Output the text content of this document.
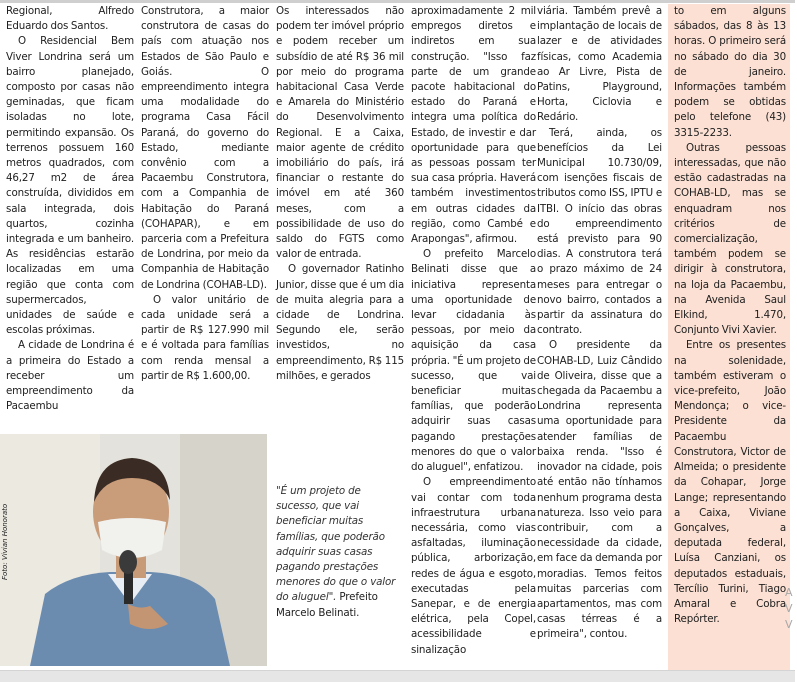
Regional, Alfredo Eduardo dos Santos.

O Residencial Bem Viver Londrina será um bairro planejado, composto por casas não geminadas, que ficam isoladas no lote, permitindo expansão. Os terrenos possuem 160 metros quadrados, com 46,27 m2 de área construída, divididos em sala integrada, dois quartos, cozinha integrada e um banheiro. As residências estarão localizadas em uma região que conta com supermercados, unidades de saúde e escolas próximas.

A cidade de Londrina é a primeira do Estado a receber um empreendimento da Pacaembu

Construtora, a maior construtora de casas do país com atuação nos Estados de São Paulo e Goiás. O empreendimento integra uma modalidade do programa Casa Fácil Paraná, do governo do Estado, mediante convênio com a Pacaembu Construtora, com a Companhia de Habitação do Paraná (COHAPAR), e em parceria com a Prefeitura de Londrina, por meio da Companhia de Habitação de Londrina (COHAB-LD).

O valor unitário de cada unidade será a partir de R$ 127.990 mil e é voltada para famílias com renda mensal a partir de R$ 1.600,00.

Os interessados não podem ter imóvel próprio e podem receber um subsídio de até R$ 36 mil por meio do programa habitacional Casa Verde e Amarela do Ministério do Desenvolvimento Regional. E a Caixa, maior agente de crédito imobiliário do país, irá financiar o restante do imóvel em até 360 meses, com a possibilidade de uso do saldo do FGTS como valor de entrada.

O governador Ratinho Junior, disse que é um dia de muita alegria para a cidade de Londrina. Segundo ele, serão investidos, no empreendimento, R$ 115 milhões, e gerados

aproximadamente 2 mil empregos diretos e indiretos em sua construção. "Isso faz parte de um grande pacote habitacional do estado do Paraná e integra uma política do Estado, de investir e dar oportunidade para que as pessoas possam ter sua casa própria. Haverá também investimentos em outras cidades da região, como Cambé e Arapongas", afirmou.

O prefeito Marcelo Belinati disse que a iniciativa representa uma oportunidade de levar cidadania às pessoas, por meio da aquisição da casa própria. "É um projeto de sucesso, que vai beneficiar muitas famílias, que poderão adquirir suas casas pagando prestações menores do que o valor do aluguel", enfatizou.

O empreendimento vai contar com toda infraestrutura urbana necessária, como vias asfaltadas, iluminação pública, arborização, redes de água e esgoto, executadas pela Sanepar, e de energia elétrica, pela Copel, acessibilidade e sinalização

viária. Também prevê a implantação de locais de lazer e de atividades físicas, como Academia ao Ar Livre, Pista de Patins, Playground, Horta, Ciclovia e Redário.

Terá, ainda, os benefícios da Lei Municipal 10.730/09, com isenções fiscais de tributos como ISS, IPTU e ITBI. O início das obras do empreendimento está previsto para 90 dias. A construtora terá o prazo máximo de 24 meses para entregar o novo bairro, contados a partir da assinatura do contrato.

O presidente da COHAB-LD, Luiz Cândido de Oliveira, disse que a chegada da Pacaembu a Londrina representa uma oportunidade para atender famílias de baixa renda. "Isso é inovador na cidade, pois até então não tínhamos nenhum programa desta natureza. Isso veio para contribuir, com a necessidade da cidade, em face da demanda por moradias. Temos feitos muitas parcerias com apartamentos, mas com casas térreas é a primeira", contou.

to em alguns sábados, das 8 às 13 horas. O primeiro será no sábado do dia 30 de janeiro. Informações também podem se obtidas pelo telefone (43) 3315-2233.

Outras pessoas interessadas, que não estão cadastradas na COHAB-LD, mas se enquadram nos critérios de comercialização, também podem se dirigir à construtora, na loja da Pacaembu, na Avenida Saul Elkind, 1.470, Conjunto Vivi Xavier.

Entre os presentes na solenidade, também estiveram o vice-prefeito, João Mendonça; o vice-Presidente da Pacaembu Construtora, Victor de Almeida; o presidente da Cohapar, Jorge Lange; representando a Caixa, Viviane Gonçalves, a deputada federal, Luísa Canziani, os deputados estaduais, Tercílio Turini, Tiago Amaral e Cobra Repórter.

Foto: Vivian Honorato
"É um projeto de sucesso, que vai beneficiar muitas famílias, que poderão adquirir suas casas pagando prestações menores do que o valor do aluguel". Prefeito Marcelo Belinati.
A V V
